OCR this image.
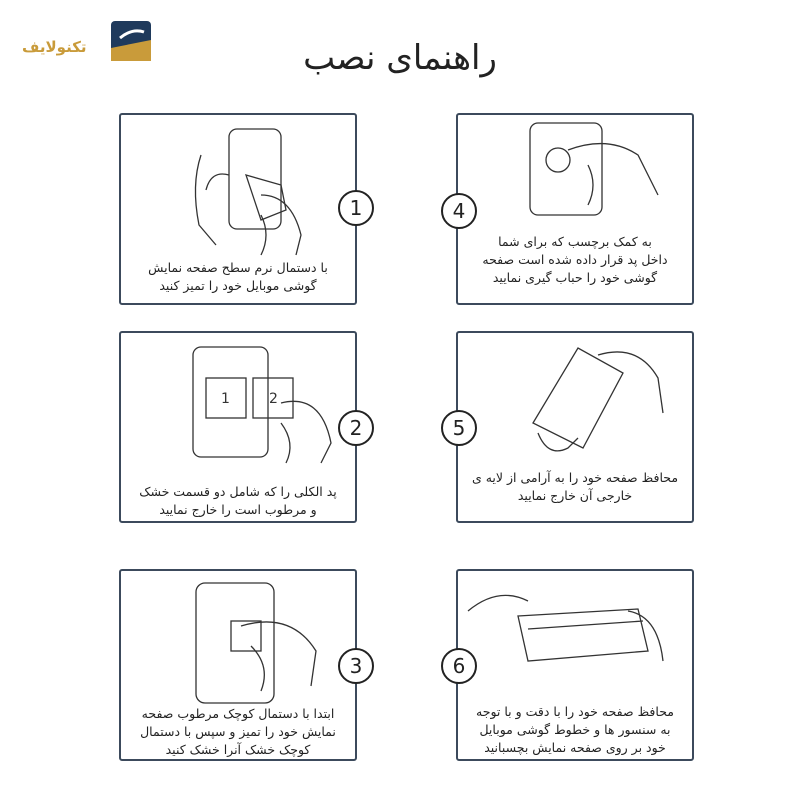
تکنولایف	راهنمای نصب
با دستمال نرم سطح صفحه نمایش
گوشی موبایل خود را تمیز کنید
1
1	2
پد الکلی را که شامل دو قسمت خشک
و مرطوب است را خارج نمایید
2
ابتدا با دستمال کوچک مرطوب صفحه
نمایش خود را تمیز و سپس با دستمال
کوچک خشک آنرا خشک کنید
3
به کمک برچسب که برای شما
داخل پد قرار داده شده است صفحه
گوشی خود را حباب گیری نمایید
4
محافظ صفحه خود را به آرامی از لایه ی
خارجی آن خارج نمایید
5
محافظ صفحه خود را با دقت و با توجه
به سنسور ها و خطوط گوشی موبایل
خود بر روی صفحه نمایش بچسبانید
6
